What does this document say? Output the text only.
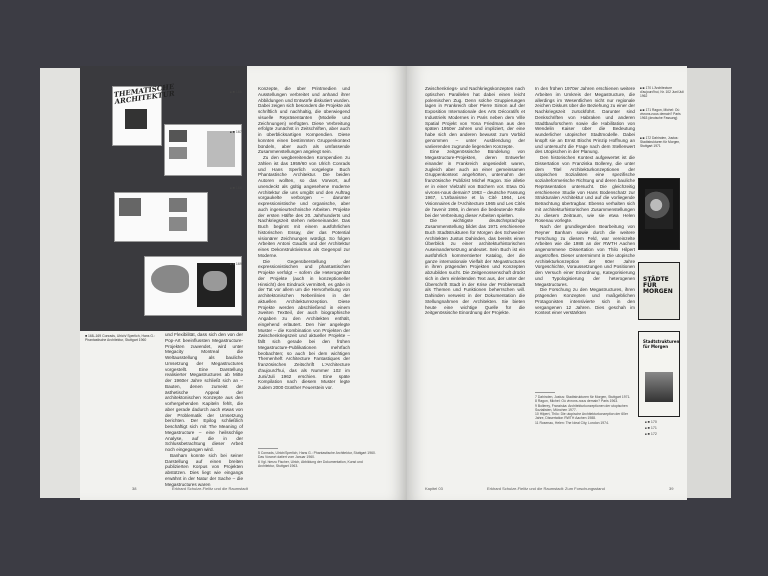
THEMATISCHE ARCHITEKTUR
■ 168–169 Conrads, Ulrich/ Sperlich, Hans G.: Phantastische Architektur, Stuttgart 1960
■ ■ 166
■ ■ 167
■ ■ 168
■ ■ 169

und Flexibilität, dass sich den von der Pop-Art beeinflussten Megastructure-Projekten zuwendet, wird unter Megacity Montreal die Weltausstellung als bauliche Umsetzung der Megastructures vorgestellt. Eine Darstellung realisierter Megastructures ab Mitte der 1960er Jahre schließt sich an – Bauten, denen zumeist der ästhetische Appeal der architektonischen Konzepte aus den vorhergehenden Kapiteln fehlt, die aber gerade dadurch auch etwas von der Problematik der Umsetzung berichten. Der Epilog schließlich beschäftigt sich mit The Meaning of Megastructure – eine heilsschlige Analyse, auf die in der Schlussbetrachtung dieser Arbeit noch eingegangen wird.

Banham konnte sich bei seiner Darstellung auf einen breiten publizierten Korpus von Projekten abstützen. Dies liegt wie eingangs erwähnt in der Natur der Sache – die Megastructures waren

Konzepte, die über Printmedien und Ausstellungen verbreitet und anhand ihrer Abbildungen und Entwürfe diskutiert wurden. Dabei zeigen sich besonders die Projekte als schriftlich und nachhaltig, die überwiegend visuelle Repräsentanten (Modelle und Zeichnungen) verfügten. Diese Verbreitung erfolgte zunächst in Zeitschriften, aber auch in überblicksartigen Kompendien. Diese konnten einen bestimmten Gruppenkontext bündeln, aber auch als umfassende Zusammenstellungen angelegt sein.

Zu den wegbereitenden Kompendien zu zählen ist das 1959/60 von Ulrich Conrads und Hans Sperlich vorgelegte Buch Phantastische Architektur. Die beiden Autoren wollten, so das Vorwort, auf unendeckt als gültig angesehene moderne Architektur die uns umgibt und den Auftrag vorgaukelte verborgen – darunter expressionistische und organische, aber auch ingenieurtechnische Arbeiten. Projekte der ersten Hälfte des 20. Jahrhunderts und Nachkriegszeit stehen nebeneinander. Das Buch beginnt mit einem ausführlichen historischen Essay, der das Potential visionärer Zeichnungen würdigt. So folgen Arbeiten Antoni Gaudís und der Architektur eines Dekonstruktivismus als Gegenpol zur Moderne.

Die Gegenüberstellung der expressionistischen und phantastischen Projekte verfolgt – sofern die Heterogenität der Projekte (auch in konzeptioneller Hinsicht) den Eindruck vermittelt, es gäbe in der Tat vor allem um die Hervorhebung von architektonischen Nebenlinien in der aktuellen Architekturrezeption. Diese Projekte werden abschließend in einem zweiten Textteil, der auch biographische Angaben zu den Architekten enthält, eingehend erläutert. Den hier angelegte Muster – die Kombination von Projekten der Zwischenkriegszeit und aktueller Projekte – fällt sich gerade bei den frühen Megastructure-Publikationen mehrfach beobachten; so auch bei dem wichtigen Themenheft Architecture Fantastiques der französischen Zeitschrift L'Architecture d'aujourd'hui, das als Nummer 102 im Juni/Juli 1962 erschien. Eine späte Kompilation nach diesem Muster legte zudem 2000 Günther Feuerstein vor.

5 Conrads, Ulrich/Sperlich, Hans G.: Phantastische Architektur, Stuttgart 1960. Das Vorwort datiert vom Januar 1960.
6 Vgl. hierzu Fischer, Ulrich, Abbildung der Dokumentation, Kunst und Architektur, Stuttgart 1963.
38	Erkhard Schulze-Fielitz und die Raumstadt

Zwischenkriegs- und Nachkriegskonzepten nach optischen Parallelen hat dabei einen leicht polemischen Zug. Denn solche Gruppierungen lagen in Frankreich über Pierre Simon auf der Exposition Internationale des Arts Décoratifs et Industriels Modernes in Paris neben dem Ville Spatial Projekt von Yona Friedman aus den späten 1950er Jahren und impliziert, der eine habe sich den anderen bewusst zum Vorbild genommen – unter Ausblendung der variierenden zugrunde liegenden Konzepte.

Eine zeitgenössische Bündelung von Megastructure-Projekten, deren Entwerfer einander in Frankreich angesiedelt waren, zugleich aber auch an einer gemeinsamen Gruppenkontext angehörten, unternahm der französische Publizist Michel Ragon. Sie alletie er in einer Vielzahl von Büchern vor. Etwa Où vivrons-nous demain? 1963 – deutsche Fassung 1967, L'Urbanisme et la Cité 1964, Les Visionnaires de l'Architecture 1965 und Les Cités de l'avenir 1966, in denen die bedeutende Rolle bei der Verbreitung dieser Arbeiten spielten.

Die wichtigste deutschsprachige Zusammenstellung bildet das 1971 erschienene Buch Stadtstrukturen für Morgen des Schweizer Architekten Justus Dahinden, das bereits einen Überblick zu einer architekturhistorischen Auseinandersetzung andeutet. Sein Buch ist ein ausführlich kommentierter Katalog, der die ganze internationale Vielfalt der Megastructures in ihren prägenden Projekten und Konzepten abzubilden sucht. Die Zeitgenossenschaft drückt sich in dem einleitenden Text aus, der unter der Überschrift Stadt in der Krise der Problemstadt als Themen und Funktionen beherrschen will. Dahinden verweist in der Dokumentation die Stellungnahmen der Architekten. Sie bieten heute eine wichtige Quelle für die zeitgenössische Einordnung der Projekte.

In den frühen 1970er Jahren erschienen weitere Arbeiten im Umkreis der Megastructure, die allerdings im Wesentlichen nicht nur regionale zeichen Diskurs über die Beziehung zu einer der Nachkriegszeit zurückführt. Darunter sind Denkschriften von Habraken und anderen Stadtbauforschern sowie die Habilitation von Wendelin Kaiser über die Bedeutung wunderlicher utopischer Stadtmodelle. Dabei knüpft sie an Ernst Blochs Prinzip Hoffnung an und untersucht die Frage nach dem Stellenwert des Utopischen in der Planung.

Den historischen Kontext aufgewertet ist die Dissertation von Franziska Bollerey, die unter dem Titel Architekturkonzeptionen der utopischen Sozialisten eine spezifische sozialreformerische Richtung und deren bauliche Repräsentation untersucht. Die gleichzeitig erschienene Studie von Hans Bodenschatz zur Strukturalen Architektur und auf die vorliegende Betrachtung übertragbar. Ebenso verhalten sich mit architekturhistorischen Zusammenstellungen zu diesem Zeitraum, wie sie etwa Helen Rosenau vorlegte.

Nach der grundlegenden Bearbeitung von Reyner Banham sowie durch die weitere Forschung zu diesem Feld, war vereinzelte Arbeiten wie die 1988 an der RWTH Aachen angenommene Dissertation von Thilo Hilpert angetroffen. Dieser untermimmt in Die utopische Architekturkonzeption der 60er Jahre Vorgeschichte, Voraussetzungen und Positionen den Versuch einer Einordnung, Kategorisierung und Typologisierung der heterogenen Megastructures.

Die Forschung zu den Megastructures, ihren prägenden Konzepten und maßgeblichen Protagonisten intensivierte sich in den vergangenen 12 Jahren. Dies geschah im Kontext einer verstärkten

7 Dahinden, Justus: Stadtstrukturen für Morgen, Stuttgart 1971.
8 Ragon, Michel: Où vivrons-nous demain? Paris 1963.
9 Bollerey, Franziska: Architekturkonzeptionen der utopischen Sozialisten, München 1977.
10 Hilpert, Thilo: Die utopische Architekturkonzeption der 60er Jahre, Dissertation RWTH Aachen 1988.
11 Rosenau, Helen: The Ideal City, London 1974.
■ ■ 170 L'Architecture d'aujourd'hui, Nr. 102 Juni/Juli 1962
■ ■ 171 Ragon, Michel: Où vivrons-nous demain? Paris 1963 (deutsche Fassung)
■ ■ 172 Dahinden, Justus: Stadtstrukturen für Morgen, Stuttgart 1971
STÄDTE FÜR MORGEN
Stadtstrukturen für Morgen
■ ■ 170
■ ■ 171
■ ■ 172
Kapitel 03	Erkhard Schulze-Fielitz und die Raumstadt: Zum Forschungsstand	39
